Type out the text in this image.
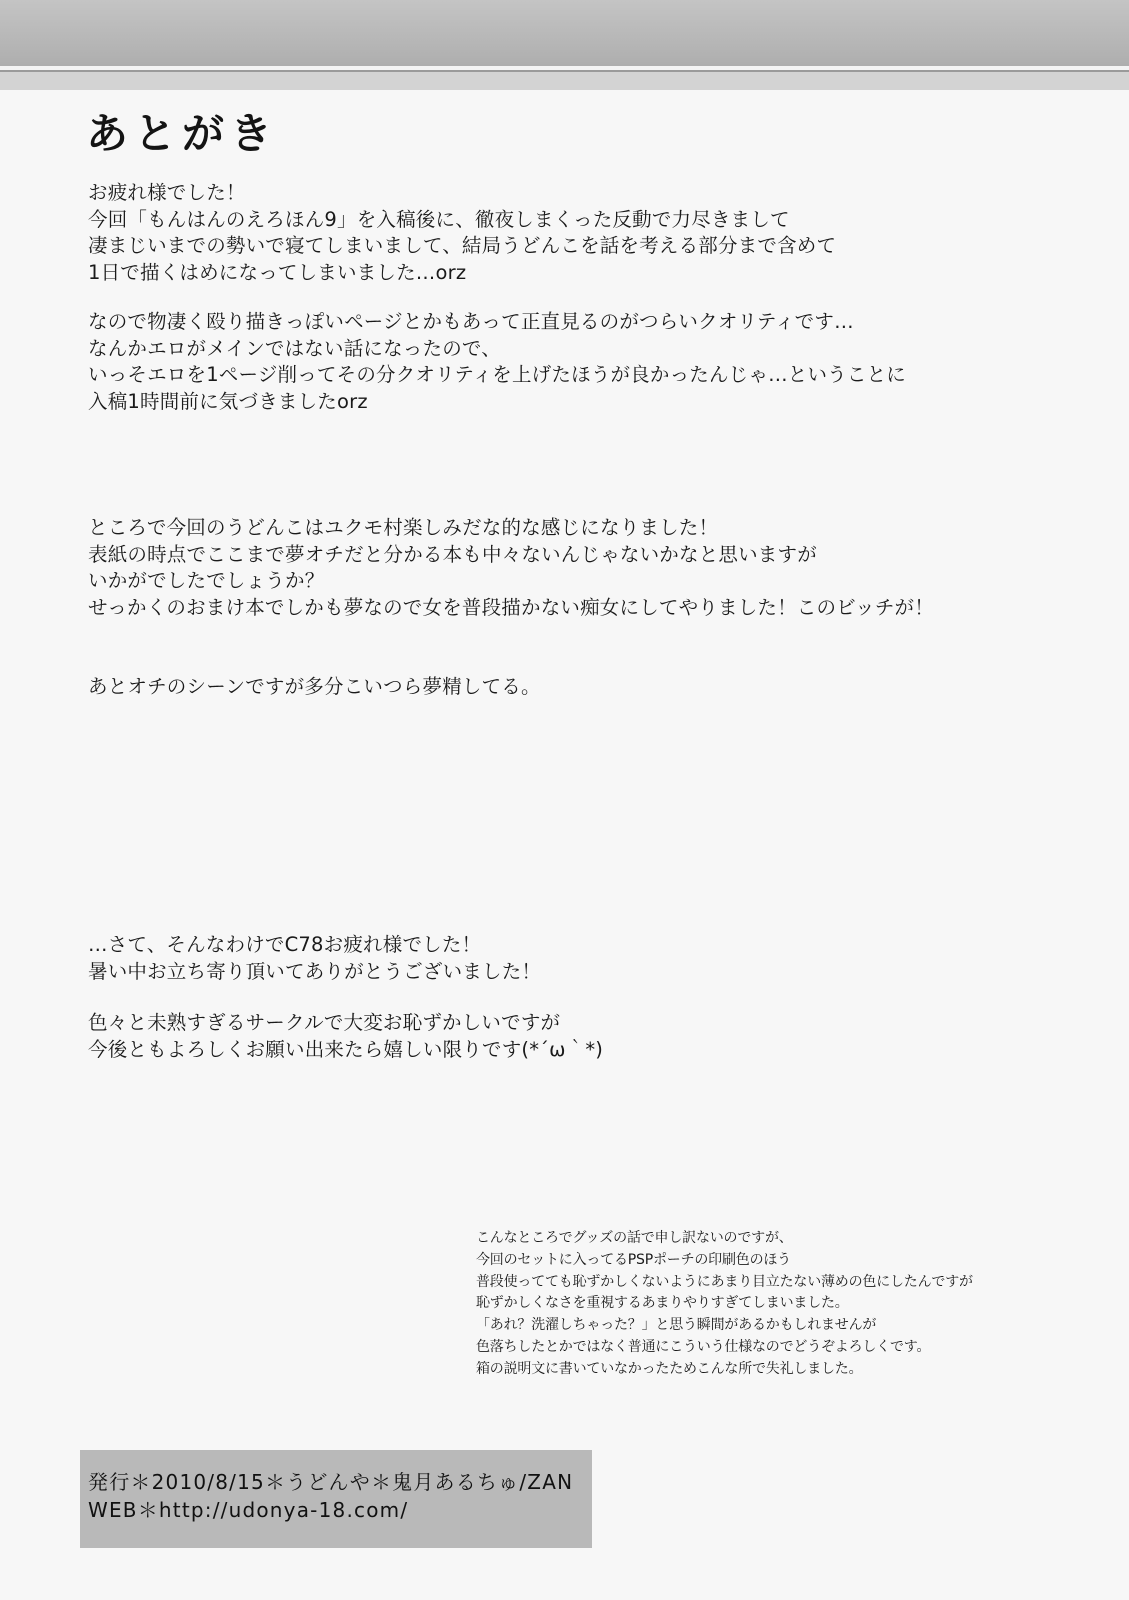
あとがき
お疲れ様でした！
今回「もんはんのえろほん9」を入稿後に、徹夜しまくった反動で力尽きまして
凄まじいまでの勢いで寝てしまいまして、結局うどんこを話を考える部分まで含めて
1日で描くはめになってしまいました…orz
なので物凄く殴り描きっぽいページとかもあって正直見るのがつらいクオリティです…
なんかエロがメインではない話になったので、
いっそエロを1ページ削ってその分クオリティを上げたほうが良かったんじゃ…ということに
入稿1時間前に気づきましたorz
ところで今回のうどんこはユクモ村楽しみだな的な感じになりました！
表紙の時点でここまで夢オチだと分かる本も中々ないんじゃないかなと思いますが
いかがでしたでしょうか？
せっかくのおまけ本でしかも夢なので女を普段描かない痴女にしてやりました！このビッチが！
あとオチのシーンですが多分こいつら夢精してる。
…さて、そんなわけでC78お疲れ様でした！
暑い中お立ち寄り頂いてありがとうございました！
色々と未熟すぎるサークルで大変お恥ずかしいですが
今後ともよろしくお願い出来たら嬉しい限りです(*´ω｀*)
こんなところでグッズの話で申し訳ないのですが、
今回のセットに入ってるPSPポーチの印刷色のほう
普段使ってても恥ずかしくないようにあまり目立たない薄めの色にしたんですが
恥ずかしくなさを重視するあまりやりすぎてしまいました。
「あれ？洗濯しちゃった？」と思う瞬間があるかもしれませんが
色落ちしたとかではなく普通にこういう仕様なのでどうぞよろしくです。
箱の説明文に書いていなかったためこんな所で失礼しました。
発行＊2010/8/15＊うどんや＊鬼月あるちゅ/ZAN
WEB＊http://udonya-18.com/
